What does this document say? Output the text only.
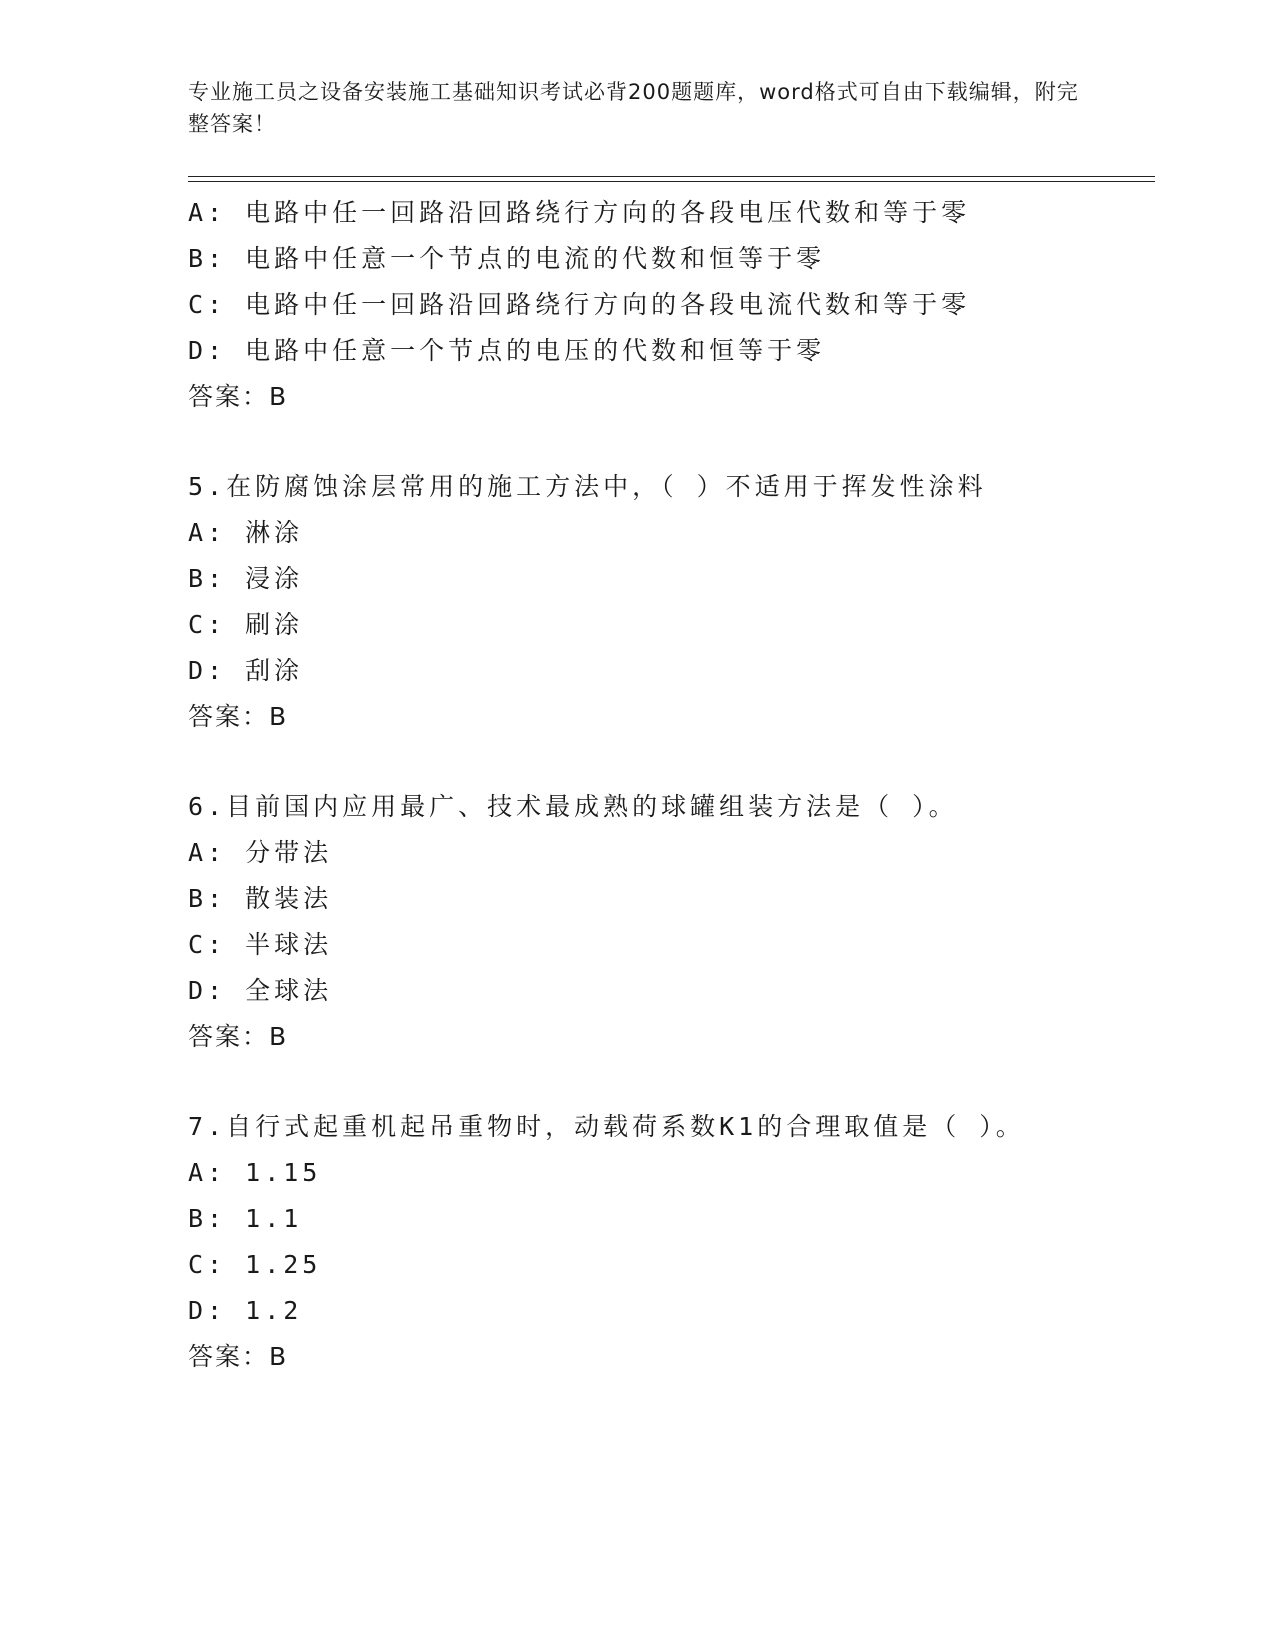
专业施工员之设备安装施工基础知识考试必背200题题库，word格式可自由下载编辑，附完整答案！
A: 电路中任一回路沿回路绕行方向的各段电压代数和等于零
B: 电路中任意一个节点的电流的代数和恒等于零
C: 电路中任一回路沿回路绕行方向的各段电流代数和等于零
D: 电路中任意一个节点的电压的代数和恒等于零
答案：B
5.在防腐蚀涂层常用的施工方法中，（ ）不适用于挥发性涂料
A: 淋涂
B: 浸涂
C: 刷涂
D: 刮涂
答案：B
6.目前国内应用最广、技术最成熟的球罐组装方法是（ ）。
A: 分带法
B: 散装法
C: 半球法
D: 全球法
答案：B
7.自行式起重机起吊重物时，动载荷系数K1的合理取值是（ ）。
A: 1.15
B: 1.1
C: 1.25
D: 1.2
答案：B
